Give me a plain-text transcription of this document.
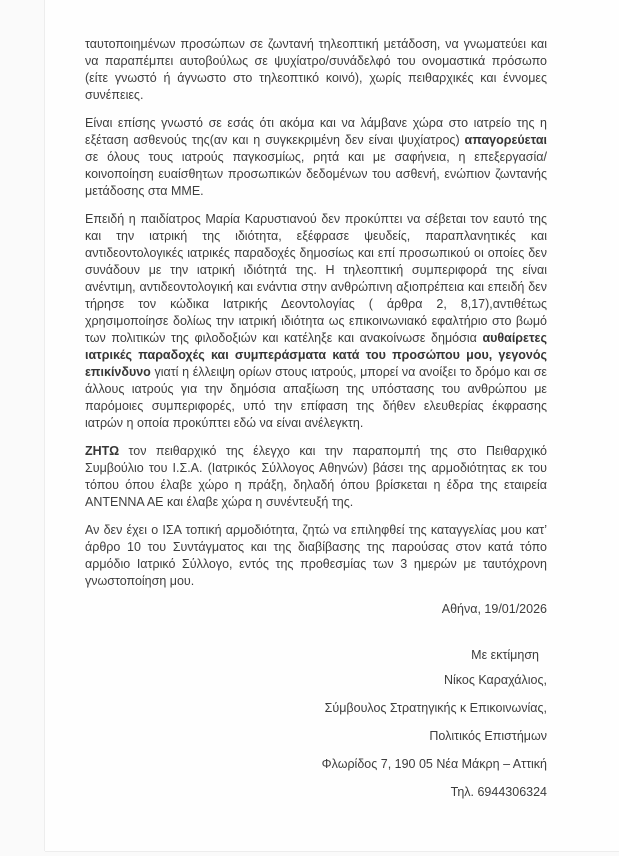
ταυτοποιημένων προσώπων σε ζωντανή τηλεοπτική μετάδοση, να γνωματεύει και να παραπέμπει αυτοβούλως σε ψυχίατρο/συνάδελφό του ονομαστικά πρόσωπο (είτε γνωστό ή άγνωστο στο τηλεοπτικό κοινό), χωρίς πειθαρχικές και έννομες συνέπειες.

Είναι επίσης γνωστό σε εσάς ότι ακόμα και να λάμβανε χώρα στο ιατρείο της η εξέταση ασθενούς της(αν και η συγκεκριμένη δεν είναι ψυχίατρος) απαγορεύεται σε όλους τους ιατρούς παγκοσμίως, ρητά και με σαφήνεια, η επεξεργασία/κοινοποίηση ευαίσθητων προσωπικών δεδομένων του ασθενή, ενώπιον ζωντανής μετάδοσης στα ΜΜΕ.

Επειδή η παιδίατρος Μαρία Καρυστιανού δεν προκύπτει να σέβεται τον εαυτό της και την ιατρική της ιδιότητα, εξέφρασε ψευδείς, παραπλανητικές και αντιδεοντολογικές ιατρικές παραδοχές δημοσίως και επί προσωπικού οι οποίες δεν συνάδουν με την ιατρική ιδιότητά της. Η τηλεοπτική συμπεριφορά της είναι ανέντιμη, αντιδεοντολογική και ενάντια στην ανθρώπινη αξιοπρέπεια και επειδή δεν τήρησε τον κώδικα Ιατρικής Δεοντολογίας ( άρθρα 2, 8,17),αντιθέτως χρησιμοποίησε δολίως την ιατρική ιδιότητα ως επικοινωνιακό εφαλτήριο στο βωμό των πολιτικών της φιλοδοξιών και κατέληξε και ανακοίνωσε δημόσια αυθαίρετες ιατρικές παραδοχές και συμπεράσματα κατά του προσώπου μου, γεγονός επικίνδυνο γιατί η έλλειψη ορίων στους ιατρούς, μπορεί να ανοίξει το δρόμο και σε άλλους ιατρούς για την δημόσια απαξίωση της υπόστασης του ανθρώπου με παρόμοιες συμπεριφορές, υπό την επίφαση της δήθεν ελευθερίας έκφρασης ιατρών η οποία προκύπτει εδώ να είναι ανέλεγκτη.

ΖΗΤΩ τον πειθαρχικό της έλεγχο και την παραπομπή της στο Πειθαρχικό Συμβούλιο του Ι.Σ.Α. (Ιατρικός Σύλλογος Αθηνών) βάσει της αρμοδιότητας εκ του τόπου όπου έλαβε χώρο η πράξη, δηλαδή όπου βρίσκεται η έδρα της εταιρεία ANTENNA AE και έλαβε χώρα η συνέντευξή της.

Αν δεν έχει ο ΙΣΑ τοπική αρμοδιότητα, ζητώ να επιληφθεί της καταγγελίας μου κατ’ άρθρο 10 του Συντάγματος και της διαβίβασης της παρούσας στον κατά τόπο αρμόδιο Ιατρικό Σύλλογο, εντός της προθεσμίας των 3 ημερών με ταυτόχρονη γνωστοποίηση μου.

Αθήνα, 19/01/2026
Με εκτίμηση
Νίκος Καραχάλιος,
Σύμβουλος Στρατηγικής κ Επικοινωνίας,
Πολιτικός Επιστήμων
Φλωρίδος 7, 190 05 Νέα Μάκρη – Αττική
Τηλ. 6944306324
